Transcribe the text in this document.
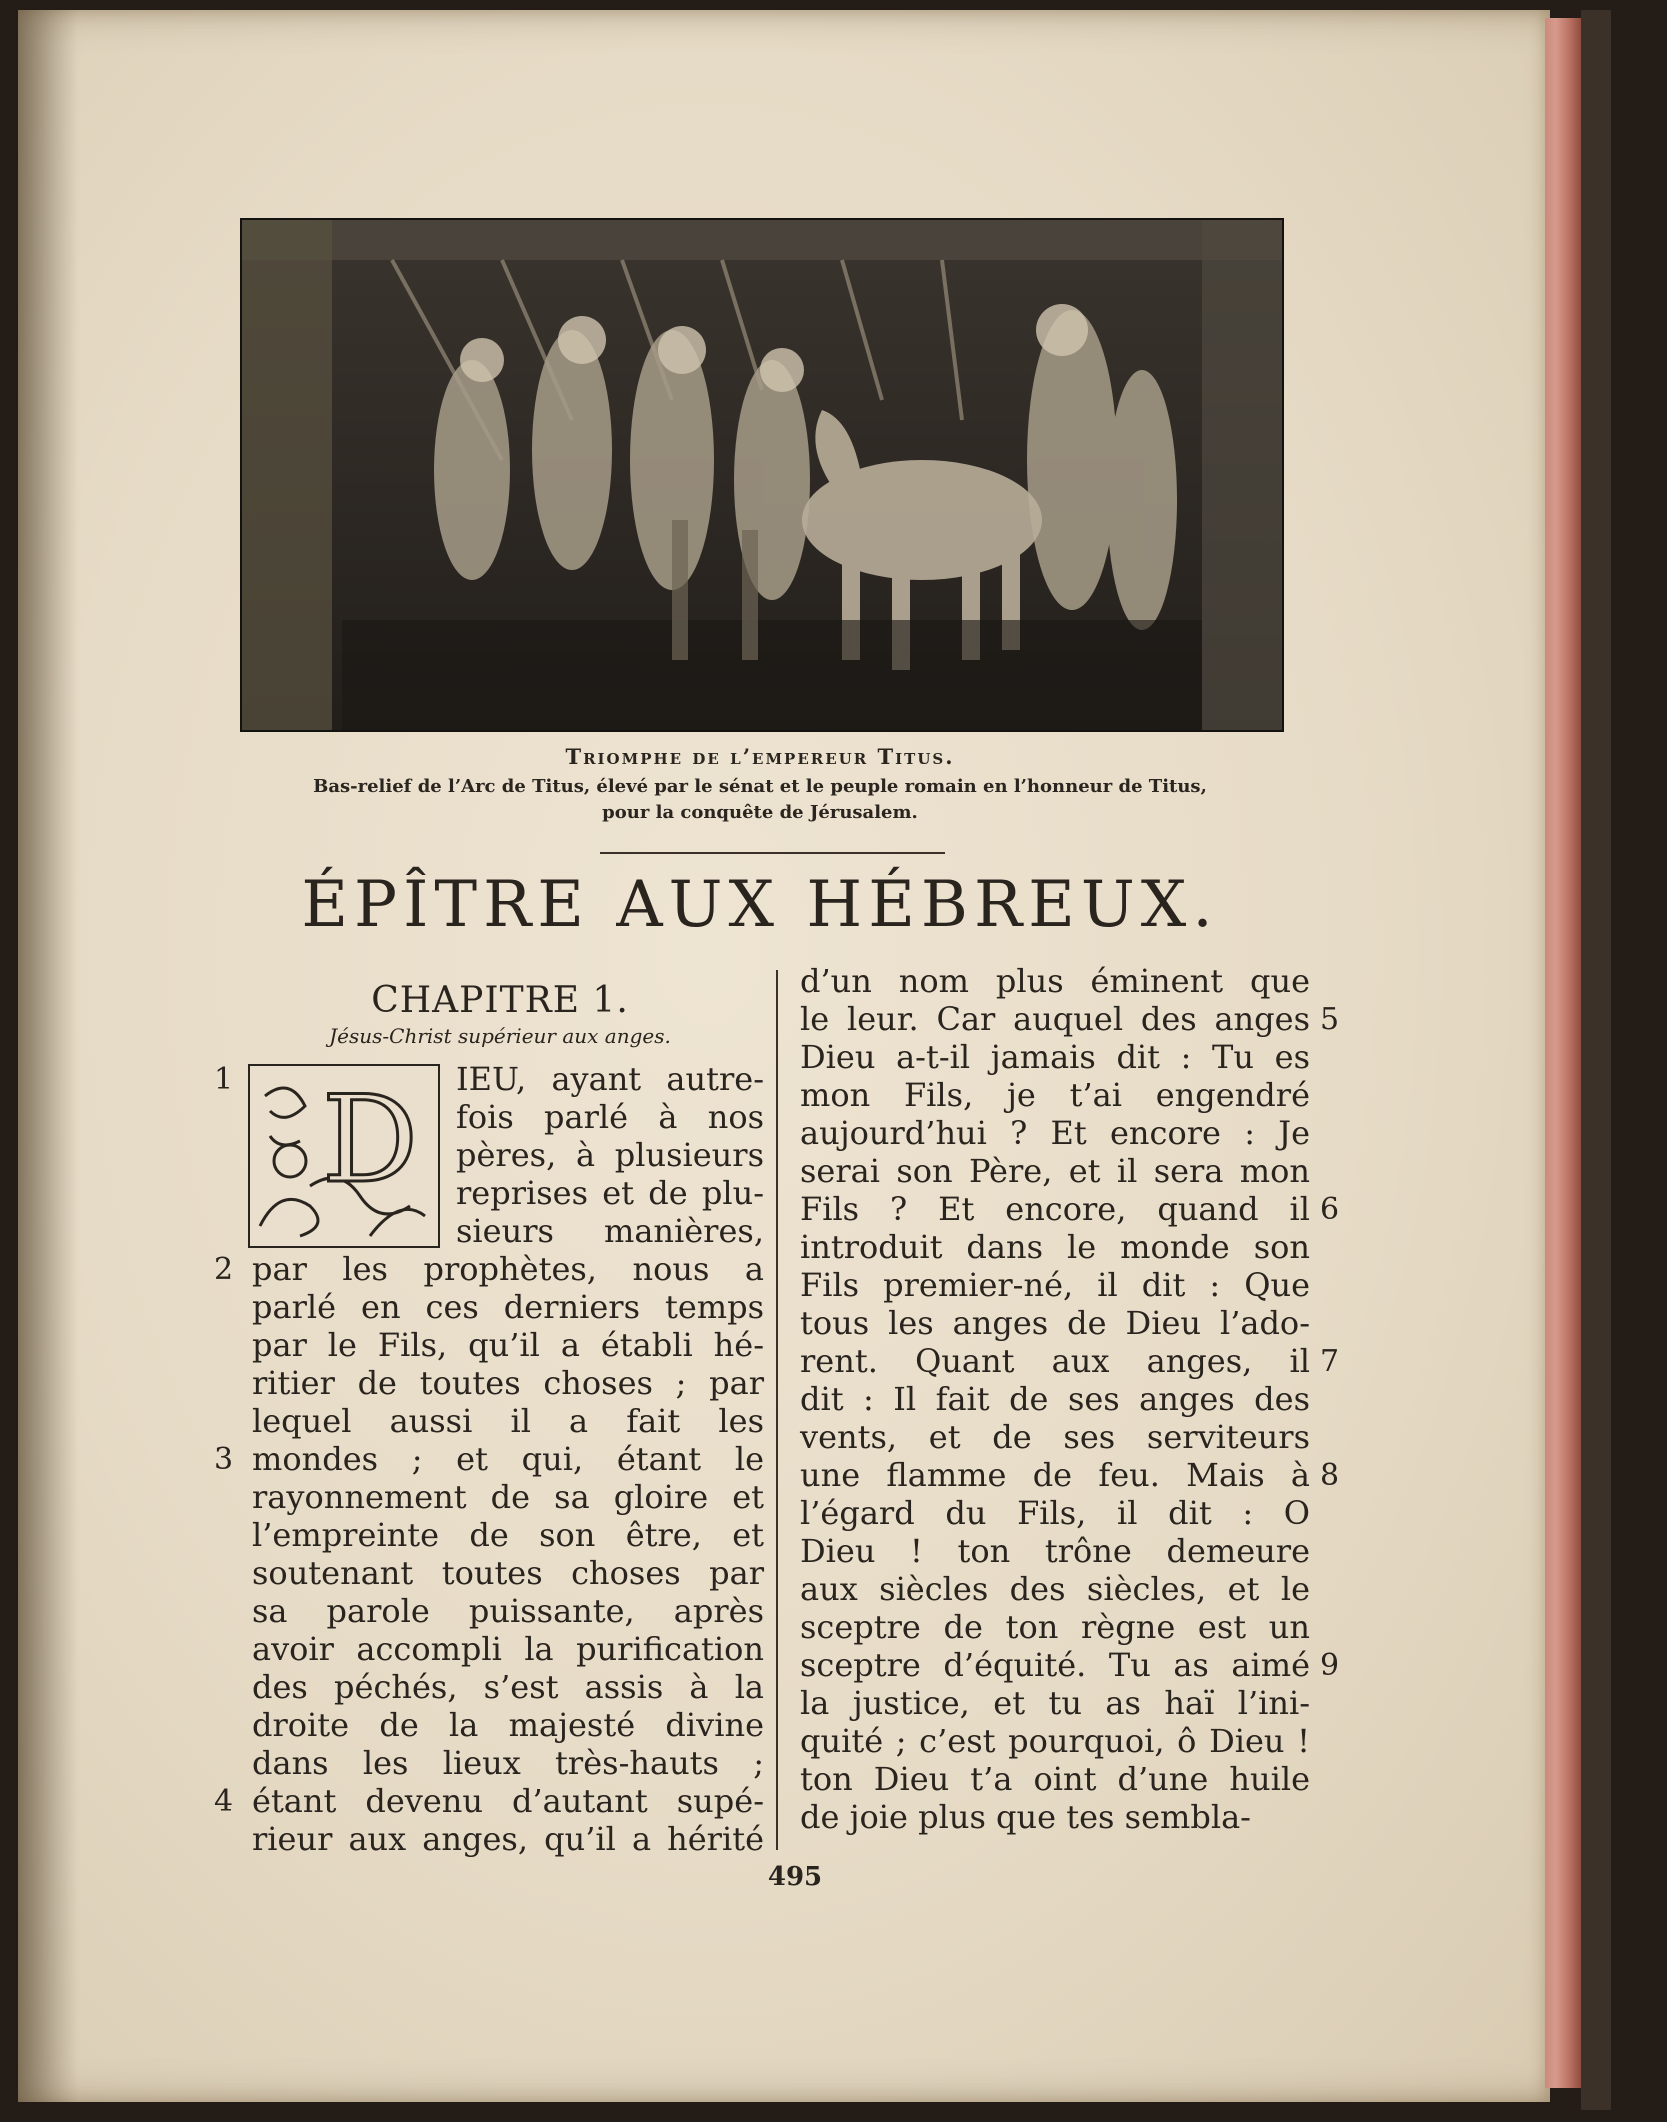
Triomphe de l’empereur Titus.
Bas-relief de l’Arc de Titus, élevé par le sénat et le peuple romain en l’honneur de Titus,
pour la conquête de Jérusalem.
ÉPÎTRE AUX HÉBREUX.
CHAPITRE 1.
Jésus-Christ supérieur aux anges.
D IEU, ayant autre-
fois parlé à nos
pères, à plusieurs
reprises et de plu-
sieurs manières,
par les prophètes, nous a
parlé en ces derniers temps
par le Fils, qu’il a établi hé-
ritier de toutes choses ; par
lequel aussi il a fait les
mondes ; et qui, étant le
rayonnement de sa gloire et
l’empreinte de son être, et
soutenant toutes choses par
sa parole puissante, après
avoir accompli la purification
des péchés, s’est assis à la
droite de la majesté divine
dans les lieux très-hauts ;
étant devenu d’autant supé-
rieur aux anges, qu’il a hérité
1
2
3
4
d’un nom plus éminent que
le leur. Car auquel des anges
Dieu a-t-il jamais dit : Tu es
mon Fils, je t’ai engendré
aujourd’hui ? Et encore : Je
serai son Père, et il sera mon
Fils ? Et encore, quand il
introduit dans le monde son
Fils premier-né, il dit : Que
tous les anges de Dieu l’ado-
rent. Quant aux anges, il
dit : Il fait de ses anges des
vents, et de ses serviteurs
une flamme de feu. Mais à
l’égard du Fils, il dit : O
Dieu ! ton trône demeure
aux siècles des siècles, et le
sceptre de ton règne est un
sceptre d’équité. Tu as aimé
la justice, et tu as haï l’ini-
quité ; c’est pourquoi, ô Dieu !
ton Dieu t’a oint d’une huile
de joie plus que tes sembla-
5
6
7
8
9
495
